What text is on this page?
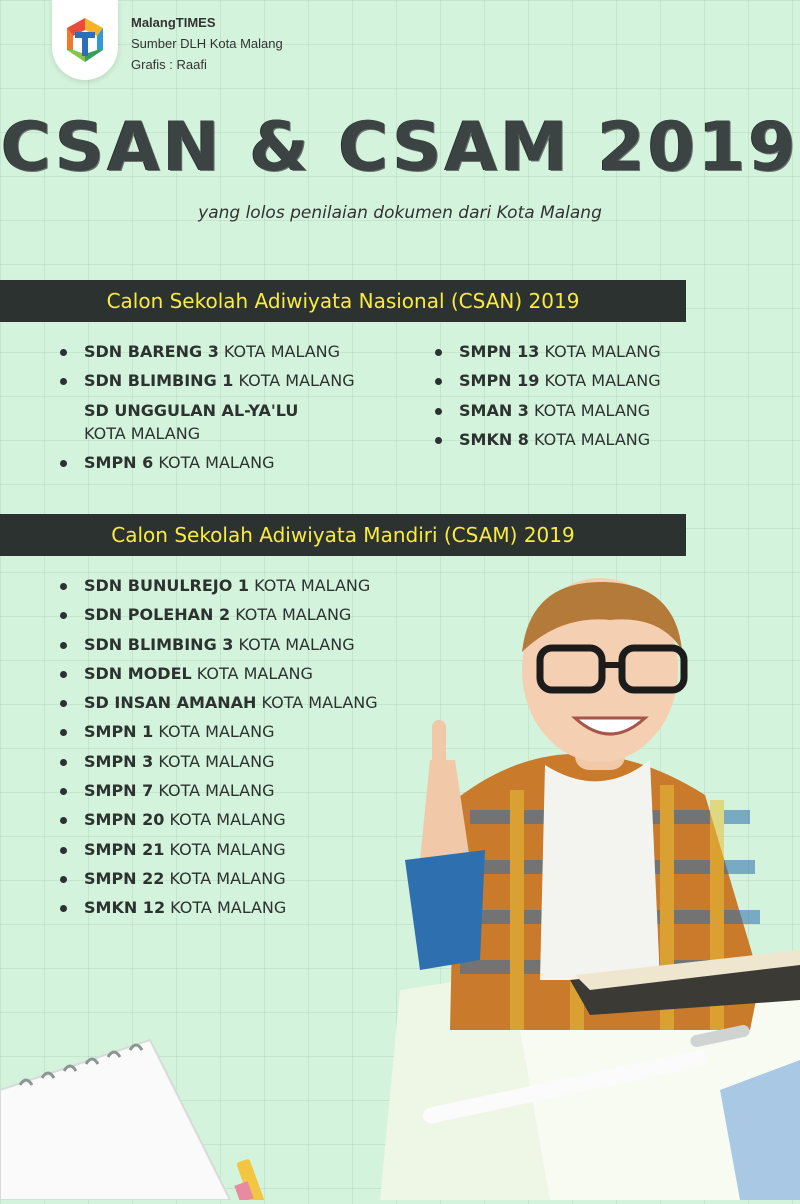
MalangTIMES
Sumber DLH Kota Malang
Grafis : Raafi
CSAN & CSAM 2019
yang lolos penilaian dokumen dari Kota Malang
Calon Sekolah Adiwiyata Nasional (CSAN) 2019
SDN BARENG 3 KOTA MALANG
SDN BLIMBING 1 KOTA MALANG
SD UNGGULAN AL-YA'LU
KOTA MALANG
SMPN 6 KOTA MALANG
SMPN 13 KOTA MALANG
SMPN 19 KOTA MALANG
SMAN 3 KOTA MALANG
SMKN 8 KOTA MALANG
Calon Sekolah Adiwiyata Mandiri (CSAM) 2019
SDN BUNULREJO 1 KOTA MALANG
SDN POLEHAN 2 KOTA MALANG
SDN BLIMBING 3 KOTA MALANG
SDN MODEL KOTA MALANG
SD INSAN AMANAH KOTA MALANG
SMPN 1 KOTA MALANG
SMPN 3 KOTA MALANG
SMPN 7 KOTA MALANG
SMPN 20 KOTA MALANG
SMPN 21 KOTA MALANG
SMPN 22 KOTA MALANG
SMKN 12 KOTA MALANG
